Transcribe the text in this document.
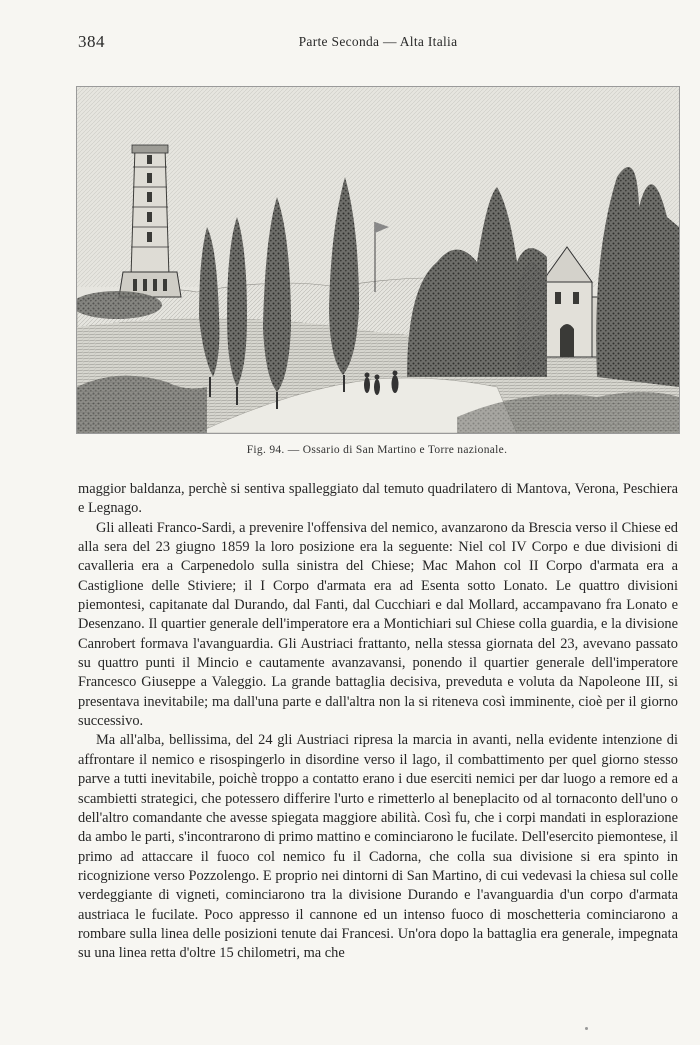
384	Parte Seconda — Alta Italia
Fig. 94. — Ossario di San Martino e Torre nazionale.

maggior baldanza, perchè si sentiva spalleggiato dal temuto quadrilatero di Mantova, Verona, Peschiera e Legnago.

Gli alleati Franco-Sardi, a prevenire l'offensiva del nemico, avanzarono da Brescia verso il Chiese ed alla sera del 23 giugno 1859 la loro posizione era la seguente: Niel col IV Corpo e due divisioni di cavalleria era a Carpenedolo sulla sinistra del Chiese; Mac Mahon col II Corpo d'armata era a Castiglione delle Stiviere; il I Corpo d'armata era ad Esenta sotto Lonato. Le quattro divisioni piemontesi, capitanate dal Durando, dal Fanti, dal Cucchiari e dal Mollard, accampavano fra Lonato e Desenzano. Il quartier generale dell'imperatore era a Montichiari sul Chiese colla guardia, e la divisione Canrobert formava l'avanguardia. Gli Austriaci frattanto, nella stessa giornata del 23, avevano passato su quattro punti il Mincio e cautamente avanzavansi, ponendo il quartier generale dell'imperatore Francesco Giuseppe a Valeggio. La grande battaglia decisiva, preveduta e voluta da Napoleone III, si presentava inevitabile; ma dall'una parte e dall'altra non la si riteneva così imminente, cioè per il giorno successivo.

Ma all'alba, bellissima, del 24 gli Austriaci ripresa la marcia in avanti, nella evidente intenzione di affrontare il nemico e risospingerlo in disordine verso il lago, il combattimento per quel giorno stesso parve a tutti inevitabile, poichè troppo a contatto erano i due eserciti nemici per dar luogo a remore ed a scambietti strategici, che potessero differire l'urto e rimetterlo al beneplacito od al tornaconto dell'uno o dell'altro comandante che avesse spiegata maggiore abilità. Così fu, che i corpi mandati in esplorazione da ambo le parti, s'incontrarono di primo mattino e cominciarono le fucilate. Dell'esercito piemontese, il primo ad attaccare il fuoco col nemico fu il Cadorna, che colla sua divisione si era spinto in ricognizione verso Pozzolengo. E proprio nei dintorni di San Martino, di cui vedevasi la chiesa sul colle verdeggiante di vigneti, cominciarono tra la divisione Durando e l'avanguardia d'un corpo d'armata austriaca le fucilate. Poco appresso il cannone ed un intenso fuoco di moschetteria cominciarono a rombare sulla linea delle posizioni tenute dai Francesi. Un'ora dopo la battaglia era generale, impegnata su una linea retta d'oltre 15 chilometri, ma che
